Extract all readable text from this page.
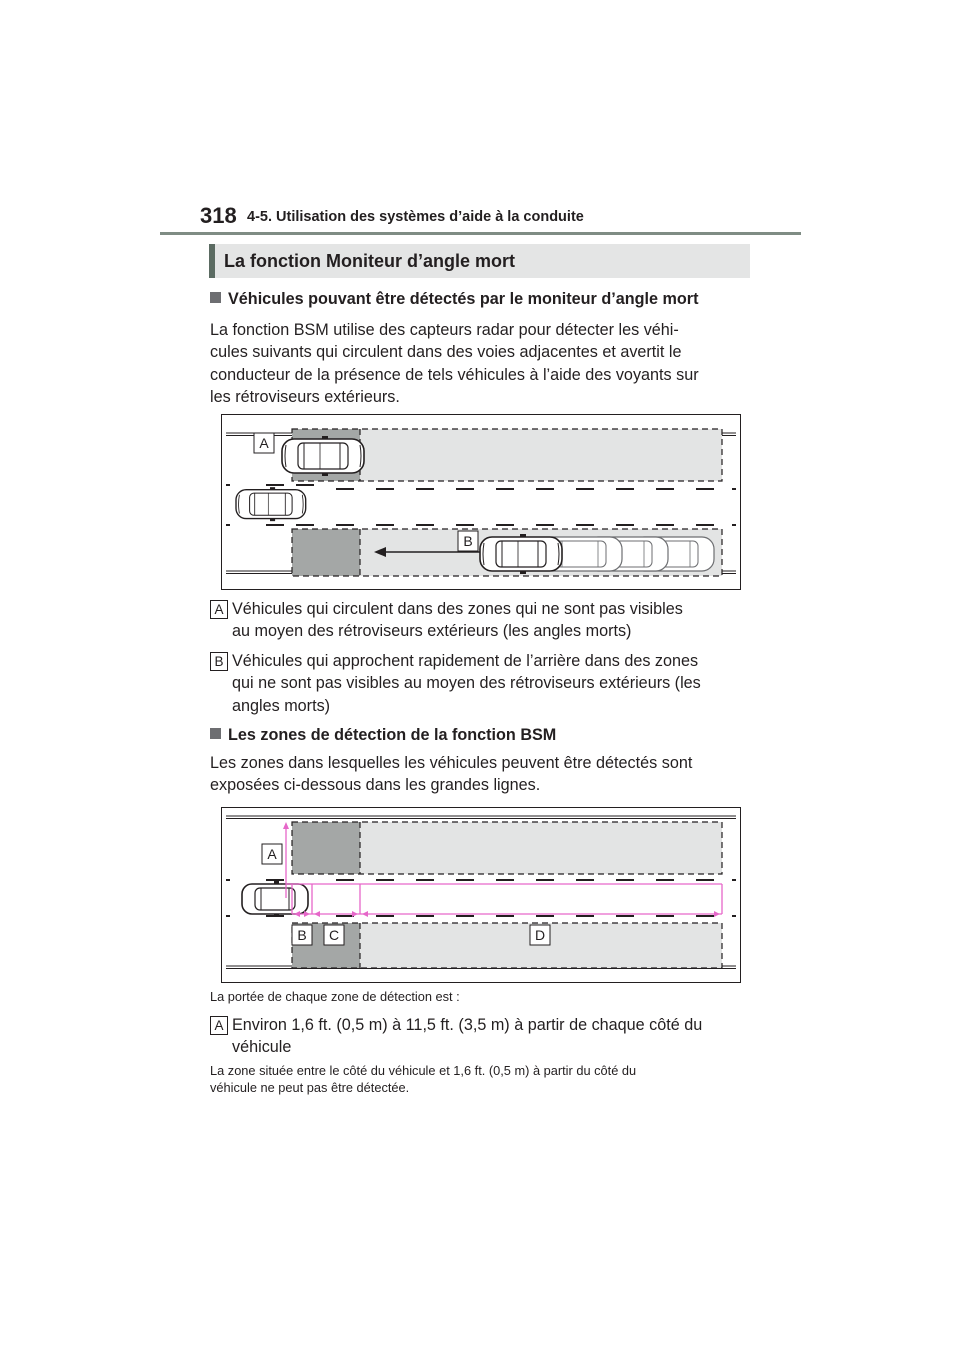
318 4-5. Utilisation des systèmes d’aide à la conduite
La fonction Moniteur d’angle mort
Véhicules pouvant être détectés par le moniteur d’angle mort
La fonction BSM utilise des capteurs radar pour détecter les véhi-
cules suivants qui circulent dans des voies adjacentes et avertit le
conducteur de la présence de tels véhicules à l’aide des voyants sur
les rétroviseurs extérieurs.
A
B
A Véhicules qui circulent dans des zones qui ne sont pas visibles
au moyen des rétroviseurs extérieurs (les angles morts)
B Véhicules qui approchent rapidement de l’arrière dans des zones
qui ne sont pas visibles au moyen des rétroviseurs extérieurs (les
angles morts)
Les zones de détection de la fonction BSM
Les zones dans lesquelles les véhicules peuvent être détectés sont
exposées ci-dessous dans les grandes lignes.
A
B C	D
La portée de chaque zone de détection est :
A Environ 1,6 ft. (0,5 m) à 11,5 ft. (3,5 m) à partir de chaque côté du
véhicule
La zone située entre le côté du véhicule et 1,6 ft. (0,5 m) à partir du côté du
véhicule ne peut pas être détectée.
